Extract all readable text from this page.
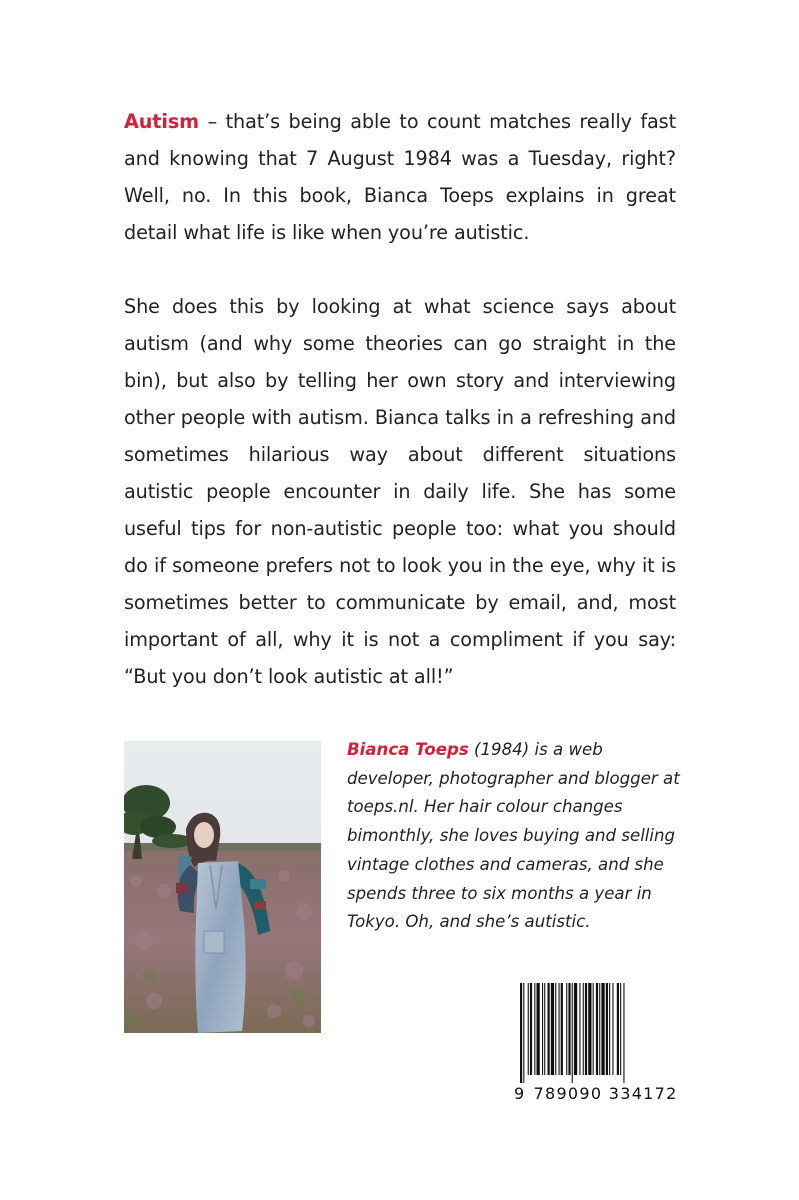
Autism – that’s being able to count matches really fast and knowing that 7 August 1984 was a Tuesday, right? Well, no. In this book, Bianca Toeps explains in great detail what life is like when you’re autistic.

She does this by looking at what science says about autism (and why some theories can go straight in the bin), but also by telling her own story and interviewing other people with autism. Bianca talks in a refreshing and sometimes hilarious way about different situations autistic people encounter in daily life. She has some useful tips for non-autistic people too: what you should do if someone prefers not to look you in the eye, why it is sometimes better to communicate by email, and, most important of all, why it is not a compliment if you say: “But you don’t look autistic at all!”

Bianca Toeps (1984) is a web developer, photographer and blogger at toeps.nl. Her hair colour changes bimonthly, she loves buying and selling vintage clothes and cameras, and she spends three to six months a year in Tokyo. Oh, and she’s autistic.
9 789090 334172
